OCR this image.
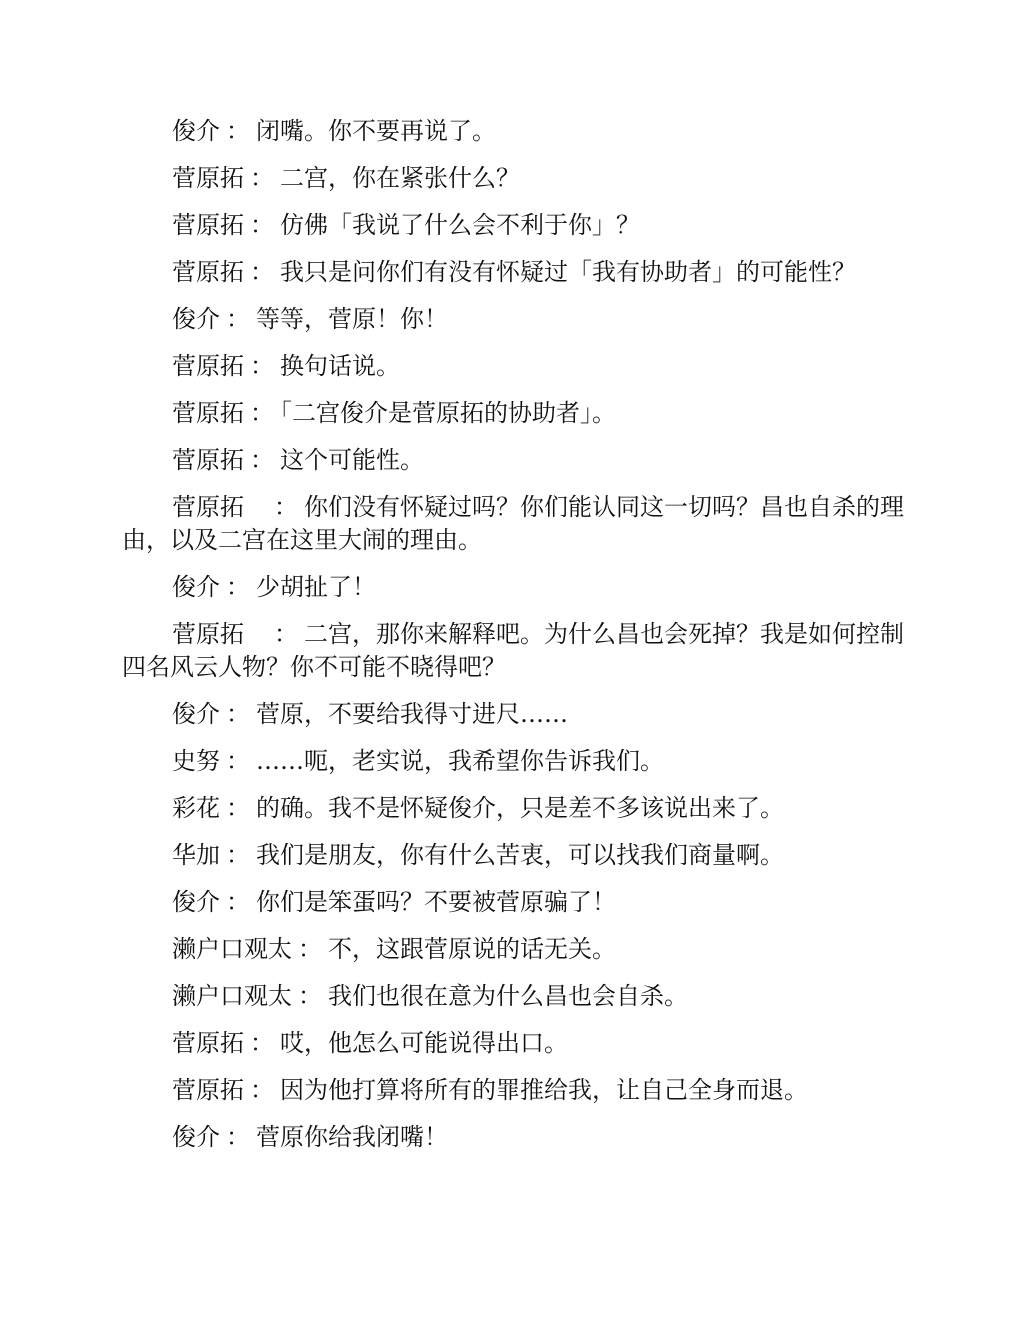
俊介 ： 闭嘴。你不要再说了。

菅原拓 ： 二宫，你在紧张什么？

菅原拓 ： 仿佛「我说了什么会不利于你」？

菅原拓 ： 我只是问你们有没有怀疑过「我有协助者」的可能性？

俊介 ： 等等，菅原！你！

菅原拓 ： 换句话说。

菅原拓 ： 「二宫俊介是菅原拓的协助者」。

菅原拓 ： 这个可能性。

菅原拓 ： 你们没有怀疑过吗？你们能认同这一切吗？昌也自杀的理由，以及二宫在这里大闹的理由。

俊介 ： 少胡扯了！

菅原拓 ： 二宫，那你来解释吧。为什么昌也会死掉？我是如何控制四名风云人物？你不可能不晓得吧？

俊介 ： 菅原，不要给我得寸进尺……

史努 ： ……呃，老实说，我希望你告诉我们。

彩花 ： 的确。我不是怀疑俊介，只是差不多该说出来了。

华加 ： 我们是朋友，你有什么苦衷，可以找我们商量啊。

俊介 ： 你们是笨蛋吗？不要被菅原骗了！

濑户口观太 ： 不，这跟菅原说的话无关。

濑户口观太 ： 我们也很在意为什么昌也会自杀。

菅原拓 ： 哎，他怎么可能说得出口。

菅原拓 ： 因为他打算将所有的罪推给我，让自己全身而退。

俊介 ： 菅原你给我闭嘴！
